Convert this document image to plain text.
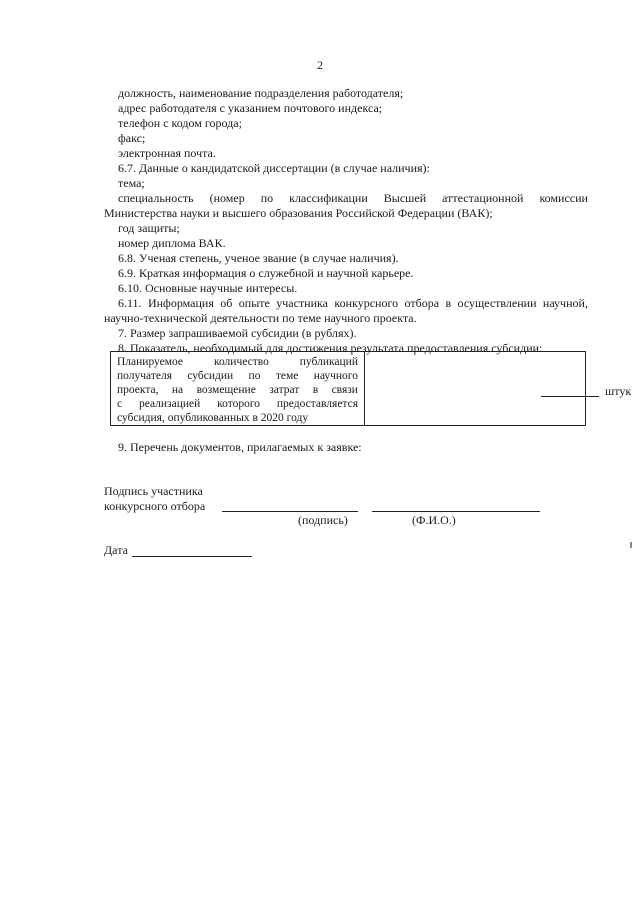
2
должность, наименование подразделения работодателя;
адрес работодателя с указанием почтового индекса;
телефон с кодом города;
факс;
электронная почта.
6.7. Данные о кандидатской диссертации (в случае наличия):
тема;
специальность (номер по классификации Высшей аттестационной комиссии
Министерства науки и высшего образования Российской Федерации (ВАК);
год защиты;
номер диплома ВАК.
6.8. Ученая степень, ученое звание (в случае наличия).
6.9. Краткая информация о служебной и научной карьере.
6.10. Основные научные интересы.
6.11. Информация об опыте участника конкурсного отбора в осуществлении научной,
научно-технической деятельности по теме научного проекта.
7. Размер запрашиваемой субсидии (в рублях).
8. Показатель, необходимый для достижения результата предоставления субсидии:
Планируемое	количество	публикаций
получателя субсидии по теме научного
проекта, на возмещение затрат в связи
с реализацией которого предоставляется
субсидия, опубликованных в 2020 году
штук
9. Перечень документов, прилагаемых к заявке:
Подпись участника
конкурсного отбора
(подпись)	(Ф.И.О.)
Дата
